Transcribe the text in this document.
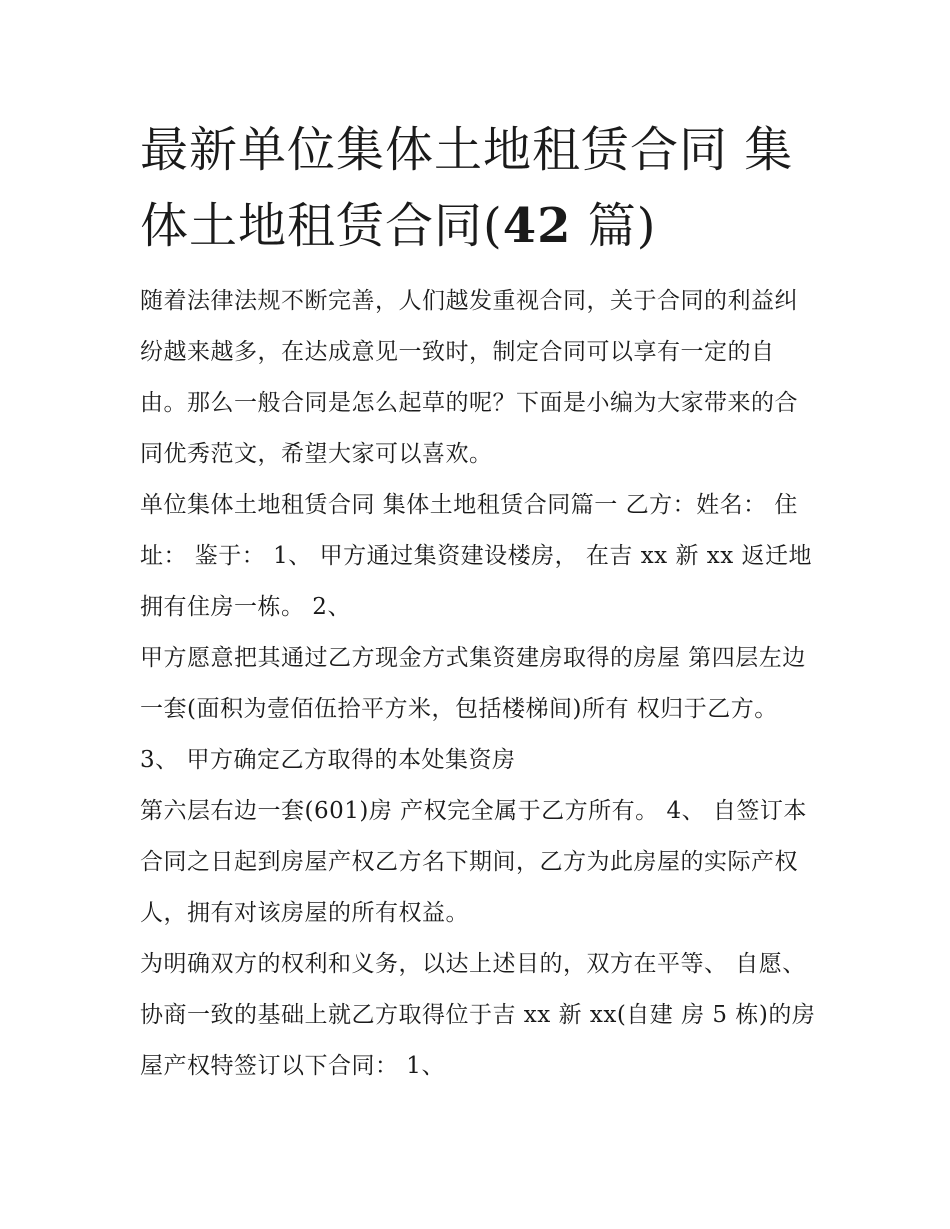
最新单位集体土地租赁合同 集体土地租赁合同(42 篇)

随着法律法规不断完善，人们越发重视合同，关于合同的利益纠纷越来越多，在达成意见一致时，制定合同可以享有一定的自由。那么一般合同是怎么起草的呢？下面是小编为大家带来的合同优秀范文，希望大家可以喜欢。

单位集体土地租赁合同 集体土地租赁合同篇一 乙方：姓名： 住址： 鉴于： 1、 甲方通过集资建设楼房， 在吉 xx 新 xx 返迁地拥有住房一栋。 2、

甲方愿意把其通过乙方现金方式集资建房取得的房屋 第四层左边一套(面积为壹佰伍拾平方米，包括楼梯间)所有 权归于乙方。 3、 甲方确定乙方取得的本处集资房

第六层右边一套(601)房 产权完全属于乙方所有。 4、 自签订本合同之日起到房屋产权乙方名下期间，乙方为此房屋的实际产权人，拥有对该房屋的所有权益。

为明确双方的权利和义务，以达上述目的，双方在平等、 自愿、协商一致的基础上就乙方取得位于吉 xx 新 xx(自建 房 5 栋)的房屋产权特签订以下合同： 1、
